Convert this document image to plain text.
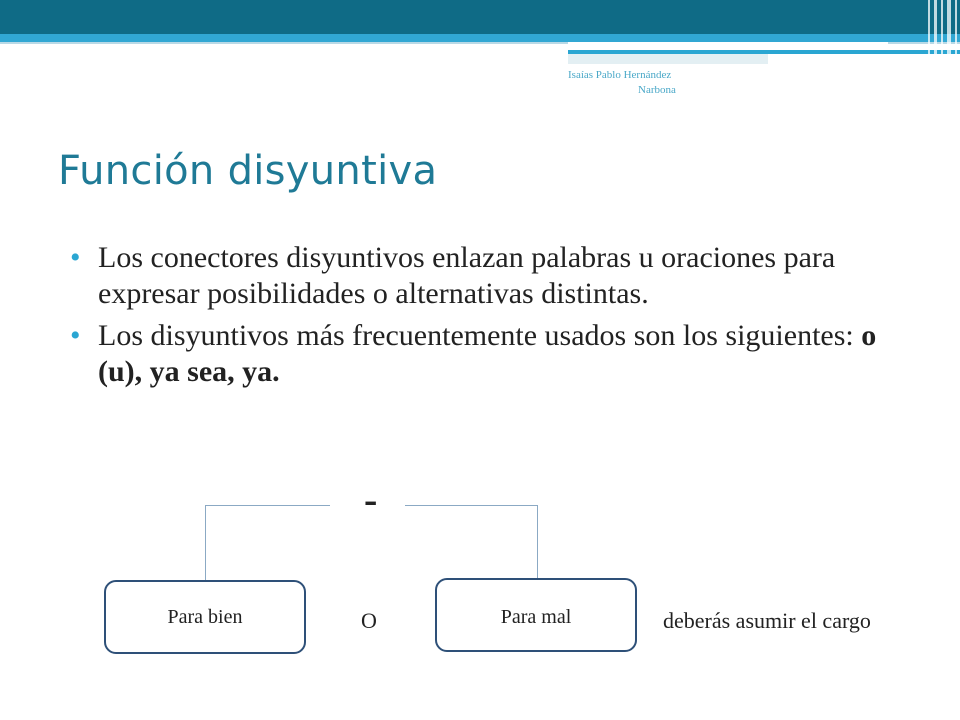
Isaías Pablo Hernández
Narbona
Función disyuntiva
• Los conectores disyuntivos enlazan palabras u oraciones para expresar posibilidades o alternativas distintas.
• Los disyuntivos más frecuentemente usados son los siguientes: o (u), ya sea, ya.
-
Para bien	O	Para mal	deberás asumir el cargo
